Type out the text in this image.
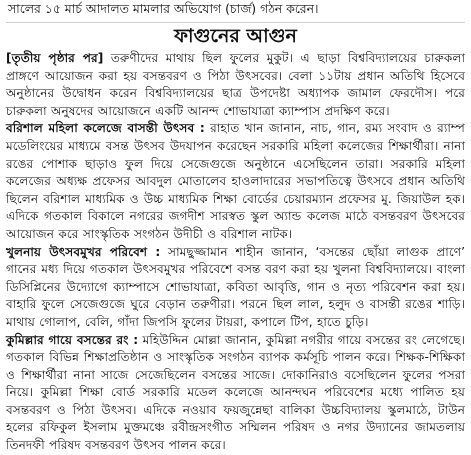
সালের ১৫ মার্চ আদালত মামলার অভিযোগ (চার্জ) গঠন করেন।
ফাগুনের আগুন

[তৃতীয় পৃষ্ঠার পর] তরুণীদের মাথায় ছিল ফুলের মুকুট। এ ছাড়া বিশ্ববিদ্যালয়ের চারুকলা প্রাঙ্গণে আয়োজন করা হয় বসন্তবরণ ও পিঠা উৎসবের। বেলা ১১টায় প্রধান অতিথি হিসেবে অনুষ্ঠানের উদ্বোধন করেন বিশ্ববিদ্যালয়ের ছাত্র উপদেষ্টা অধ্যাপক জামাল ফেরদৌস। পরে চারুকলা অনুষদের আয়োজনে একটি আনন্দ শোভাযাত্রা ক্যাম্পাস প্রদক্ষিণ করে।

বরিশাল মহিলা কলেজে বাসন্তী উৎসব : রাহাত খান জানান, নাচ, গান, রম্য সংবাদ ও র‍্যাম্প মডেলিংয়ের মাধ্যমে বসন্ত উৎসব উদযাপন করেছেন সরকারি মহিলা কলেজের শিক্ষার্থীরা। নানা রঙের পোশাক ছাড়াও ফুল দিয়ে সেজেগুজে অনুষ্ঠানে এসেছিলেন তারা। সরকারি মহিলা কলেজের অধ্যক্ষ প্রফেসর আবদুল মোতালেব হাওলাদারের সভাপতিত্বে উৎসবে প্রধান অতিথি ছিলেন বরিশাল মাধ্যমিক ও উচ্চ মাধ্যমিক শিক্ষা বোর্ডের চেয়ারম্যান প্রফেসর মু. জিয়াউল হক। এদিকে গতকাল বিকালে নগরের জগদীশ সারস্বত স্কুল অ্যান্ড কলেজ মাঠে বসন্তবরণ উৎসবের আয়োজন করে সাংস্কৃতিক সংগঠন উদীচী ও বরিশাল নাটক।

খুলনায় উৎসবমুখর পরিবেশ : সামছুজ্জামান শাহীন জানান, ‘বসন্তের ছোঁয়া লাগুক প্রাণে’ গানের মধ্য দিয়ে গতকাল উৎসবমুখর পরিবেশে বসন্ত বরণ করা হয় খুলনা বিশ্ববিদ্যালয়ে। বাংলা ডিসিপ্লিনের উদ্যোগে ক্যাম্পাসে শোভাযাত্রা, কবিতা আবৃত্তি, গান ও নৃত্য পরিবেশন করা হয়। বাহারি ফুলে সেজেগুজে ঘুরে বেড়ান তরুণীরা। পরনে ছিল লাল, হলুদ ও বাসন্তী রঙের শাড়ি। মাথায় গোলাপ, বেলি, গাঁদা জিপসি ফুলের টায়রা, কপালে টিপ, হাতে চুড়ি।

কুমিল্লার গায়ে বসন্তের রং : মহিউদ্দিন মোল্লা জানান, কুমিল্লা নগরীর গায়ে বসন্তের রং লেগেছে। গতকাল বিভিন্ন শিক্ষাপ্রতিষ্ঠান ও সাংস্কৃতিক সংগঠন ব্যাপক কর্মসূচি পালন করে। শিক্ষক-শিক্ষিকা ও শিক্ষার্থীরা নানা সাজে সেজেছিলেন বসন্তের সাজে। দোকানিরাও বসেছিলেন ফুলের পসরা নিয়ে। কুমিল্লা শিক্ষা বোর্ড সরকারি মডেল কলেজে আনন্দঘন পরিবেশের মধ্যে পালিত হয় বসন্তবরণ ও পিঠা উৎসব। এদিকে নওয়াব ফয়জুন্নেছা বালিকা উচ্চবিদ্যালয় স্কুলমাঠে, টাউন হলের রফিকুল ইসলাম মুক্তমঞ্চে রবীন্দ্রসংগীত সম্মিলন পরিষদ ও নগর উদ্যানের জামতলায় তিনদফী পরিষদ বসন্তবরণ উৎসব পালন করে।
